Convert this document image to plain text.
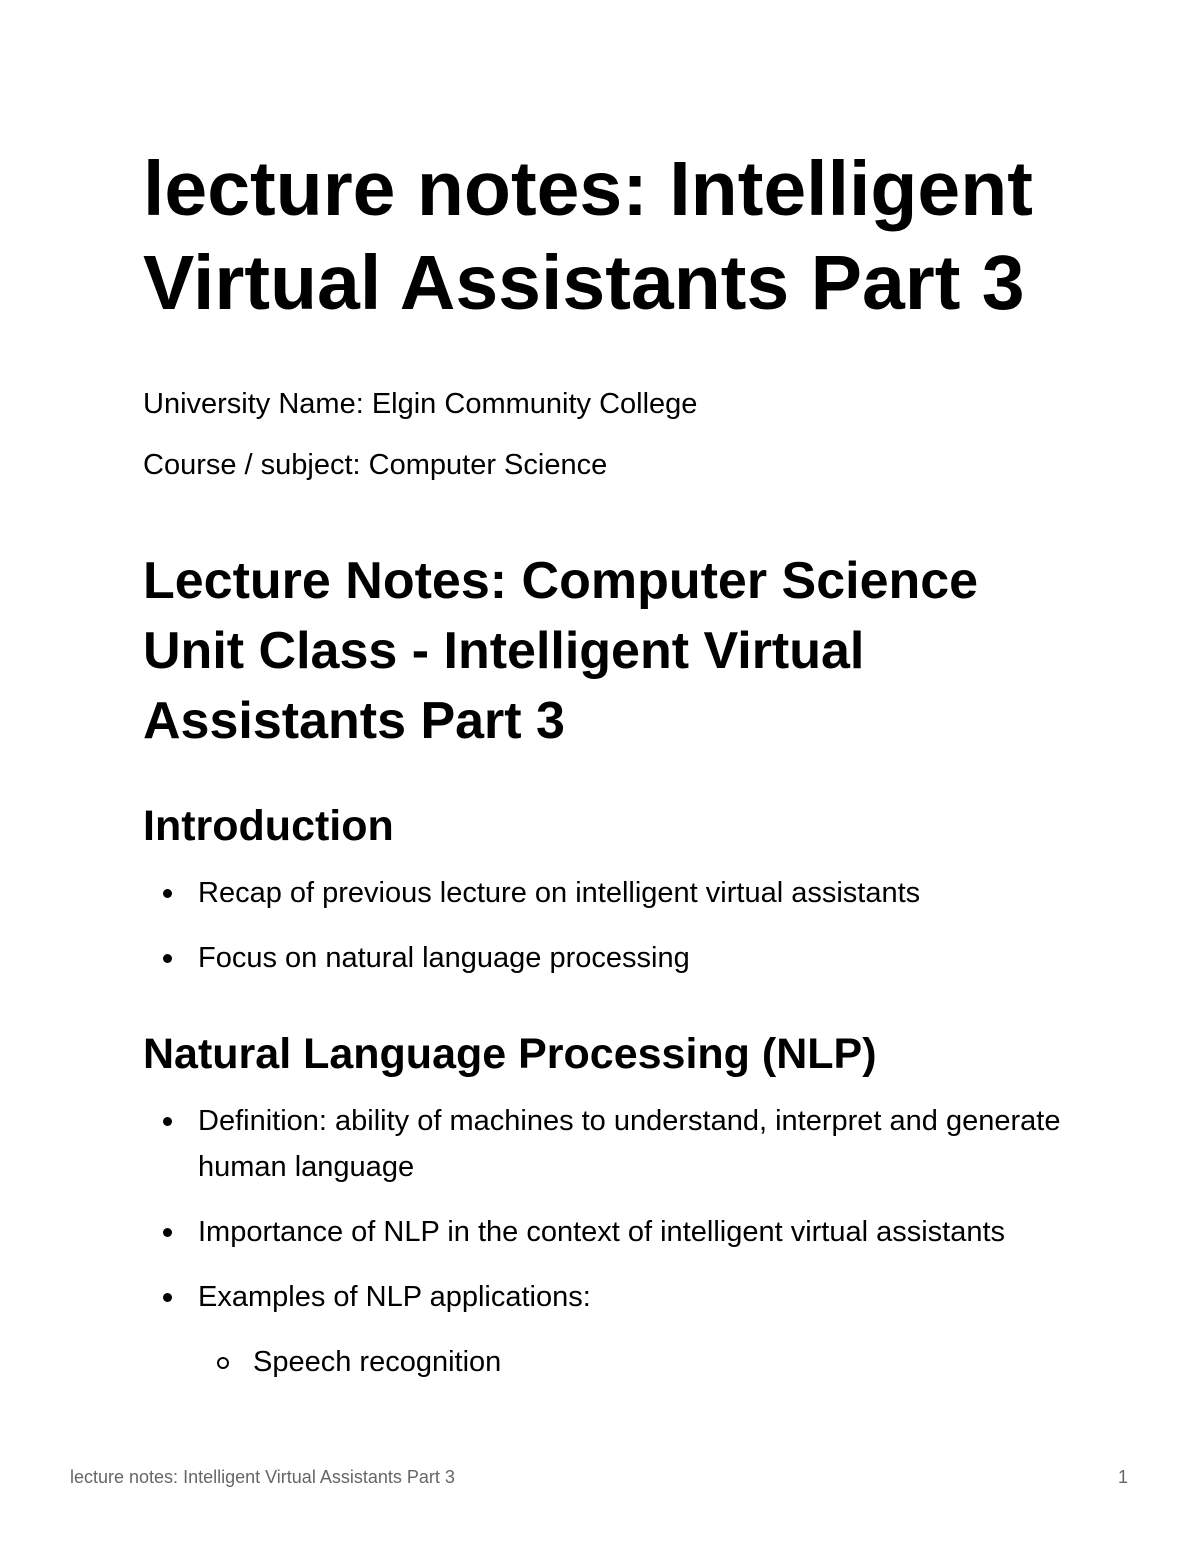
lecture notes: Intelligent Virtual Assistants Part 3

University Name: Elgin Community College

Course / subject: Computer Science

Lecture Notes: Computer Science Unit Class - Intelligent Virtual Assistants Part 3
Introduction
Recap of previous lecture on intelligent virtual assistants
Focus on natural language processing
Natural Language Processing (NLP)
Definition: ability of machines to understand, interpret and generate human language
Importance of NLP in the context of intelligent virtual assistants
Examples of NLP applications:
Speech recognition
lecture notes: Intelligent Virtual Assistants Part 3	1
